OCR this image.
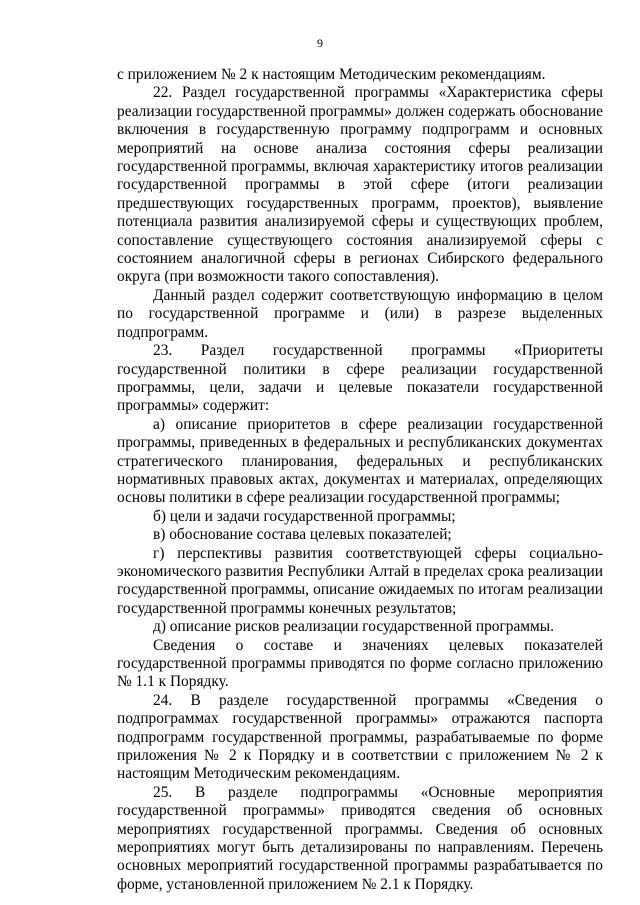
9

с приложением № 2 к настоящим Методическим рекомендациям.

22. Раздел государственной программы «Характеристика сферы реализации государственной программы» должен содержать обоснование включения в государственную программу подпрограмм и основных мероприятий на основе анализа состояния сферы реализации государственной программы, включая характеристику итогов реализации государственной программы в этой сфере (итоги реализации предшествующих государственных программ, проектов), выявление потенциала развития анализируемой сферы и существующих проблем, сопоставление существующего состояния анализируемой сферы с состоянием аналогичной сферы в регионах Сибирского федерального округа (при возможности такого сопоставления).

Данный раздел содержит соответствующую информацию в целом по государственной программе и (или) в разрезе выделенных подпрограмм.

23. Раздел государственной программы «Приоритеты государственной политики в сфере реализации государственной программы, цели, задачи и целевые показатели государственной программы» содержит:

а) описание приоритетов в сфере реализации государственной программы, приведенных в федеральных и республиканских документах стратегического планирования, федеральных и республиканских нормативных правовых актах, документах и материалах, определяющих основы политики в сфере реализации государственной программы;

б) цели и задачи государственной программы;

в) обоснование состава целевых показателей;

г) перспективы развития соответствующей сферы социально-экономического развития Республики Алтай в пределах срока реализации государственной программы, описание ожидаемых по итогам реализации государственной программы конечных результатов;

д) описание рисков реализации государственной программы.

Сведения о составе и значениях целевых показателей государственной программы приводятся по форме согласно приложению № 1.1 к Порядку.

24. В разделе государственной программы «Сведения о подпрограммах государственной программы» отражаются паспорта подпрограмм государственной программы, разрабатываемые по форме приложения № 2 к Порядку и в соответствии с приложением № 2 к настоящим Методическим рекомендациям.

25. В разделе подпрограммы «Основные мероприятия государственной программы» приводятся сведения об основных мероприятиях государственной программы. Сведения об основных мероприятиях могут быть детализированы по направлениям. Перечень основных мероприятий государственной программы разрабатывается по форме, установленной приложением № 2.1 к Порядку.
